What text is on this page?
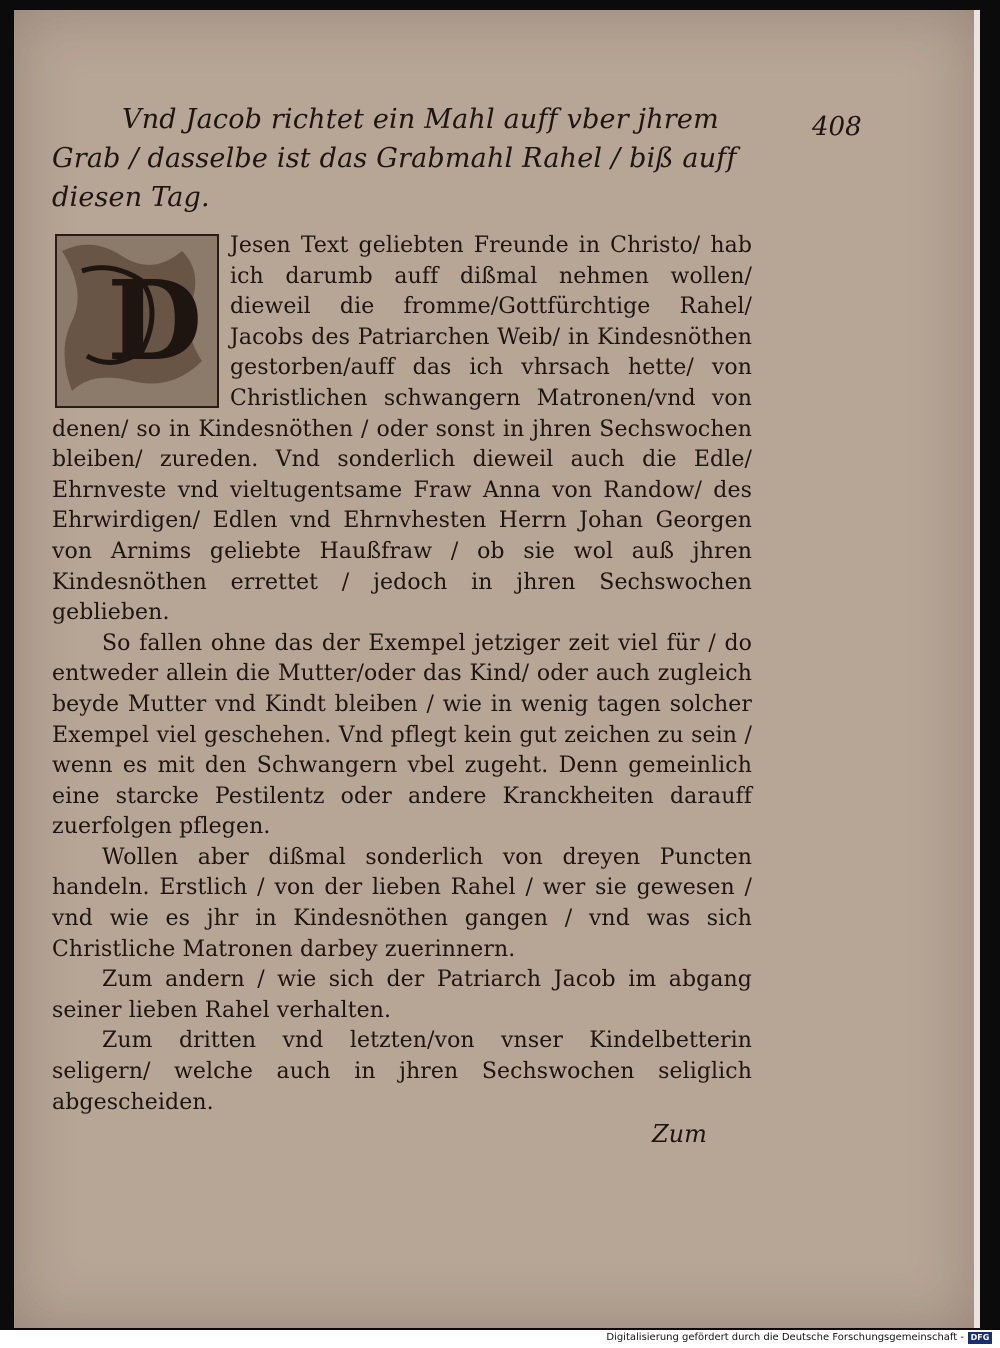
408

Vnd Jacob richtet ein Mahl auff vber jhrem Grab / dasselbe ist das Grabmahl Rahel / biß auff diesen Tag.

D

Jesen Text geliebten Freunde in Christo/ hab ich darumb auff dißmal nehmen wollen/ dieweil die fromme/Gottfürchtige Rahel/ Jacobs des Patriarchen Weib/ in Kindesnöthen gestorben/auff das ich vhrsach hette/ von Christlichen schwangern Matronen/vnd von denen/ so in Kindesnöthen / oder sonst in jhren Sechswochen bleiben/ zureden. Vnd sonderlich dieweil auch die Edle/ Ehrnveste vnd vieltugentsame Fraw Anna von Randow/ des Ehrwirdigen/ Edlen vnd Ehrnvhesten Herrn Johan Georgen von Arnims geliebte Haußfraw / ob sie wol auß jhren Kindesnöthen errettet / jedoch in jhren Sechswochen geblieben.

So fallen ohne das der Exempel jetziger zeit viel für / do entweder allein die Mutter/oder das Kind/ oder auch zugleich beyde Mutter vnd Kindt bleiben / wie in wenig tagen solcher Exempel viel geschehen. Vnd pflegt kein gut zeichen zu sein / wenn es mit den Schwangern vbel zugeht. Denn gemeinlich eine starcke Pestilentz oder andere Kranckheiten darauff zuerfolgen pflegen.

Wollen aber dißmal sonderlich von dreyen Puncten handeln. Erstlich / von der lieben Rahel / wer sie gewesen / vnd wie es jhr in Kindesnöthen gangen / vnd was sich Christliche Matronen darbey zuerinnern.

Zum andern / wie sich der Patriarch Jacob im abgang seiner lieben Rahel verhalten.

Zum dritten vnd letzten/von vnser Kindelbetterin seligern/ welche auch in jhren Sechswochen seliglich abgescheiden.

Zum
Digitalisierung gefördert durch die Deutsche Forschungsgemeinschaft - DFG
